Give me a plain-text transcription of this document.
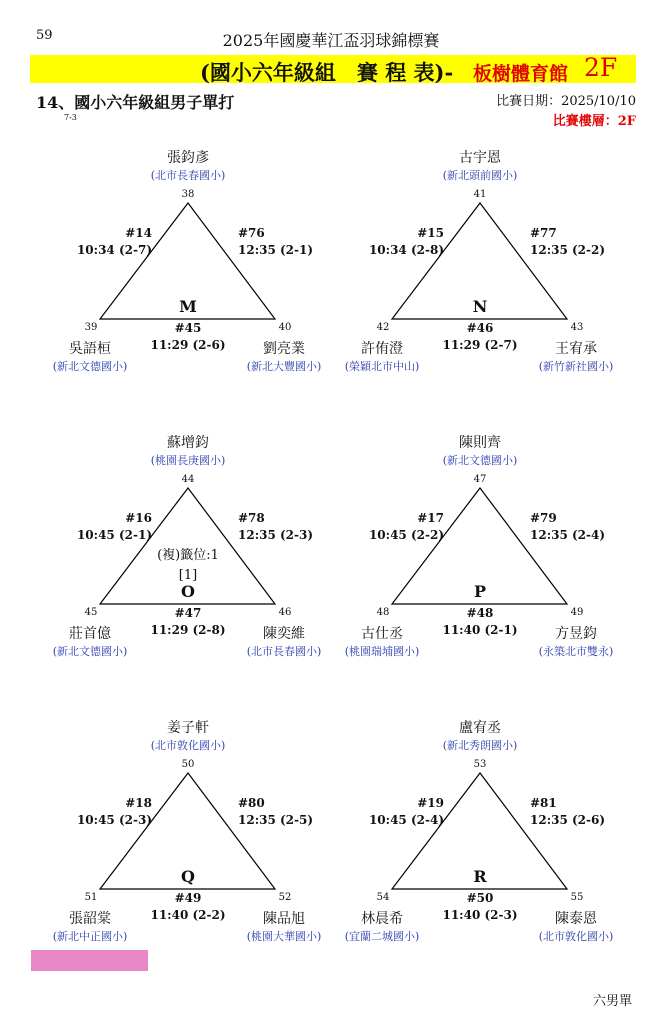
59	2025年國慶華江盃羽球錦標賽
(國小六年級組　賽 程 表)- 板樹體育館 2F
14、國小六年級組男子單打
7-3
比賽日期：2025/10/10
比賽樓層：2F
張鈞彥
(北市長春國小)
38
#14
10:34 (2-7)
#76
12:35 (2-1)
M
39	40
#45
11:29 (2-6)
吳語桓	劉亮業
(新北文德國小)	(新北大豐國小)
古宇恩
(新北頭前國小)
41
#15
10:34 (2-8)
#77
12:35 (2-2)
N
42	43
#46
11:29 (2-7)
許侑澄	王宥承
(榮穎北市中山)	(新竹新社國小)
蘇增鈞
(桃園長庚國小)
44
#16
10:45 (2-1)
#78
12:35 (2-3)
(複)籤位:1
[1]
O
45	46
#47
11:29 (2-8)
莊首億	陳奕維
(新北文德國小)	(北市長春國小)
陳則齊
(新北文德國小)
47
#17
10:45 (2-2)
#79
12:35 (2-4)
P
48	49
#48
11:40 (2-1)
古仕丞	方昱鈞
(桃園瑞埔國小)	(永築北市雙永)
姜子軒
(北市敦化國小)
50
#18
10:45 (2-3)
#80
12:35 (2-5)
Q
51	52
#49
11:40 (2-2)
張韶棠	陳品旭
(新北中正國小)	(桃園大華國小)
盧宥丞
(新北秀朗國小)
53
#19
10:45 (2-4)
#81
12:35 (2-6)
R
54	55
#50
11:40 (2-3)
林晨希	陳泰恩
(宜蘭二城國小)	(北市敦化國小)
六男單
